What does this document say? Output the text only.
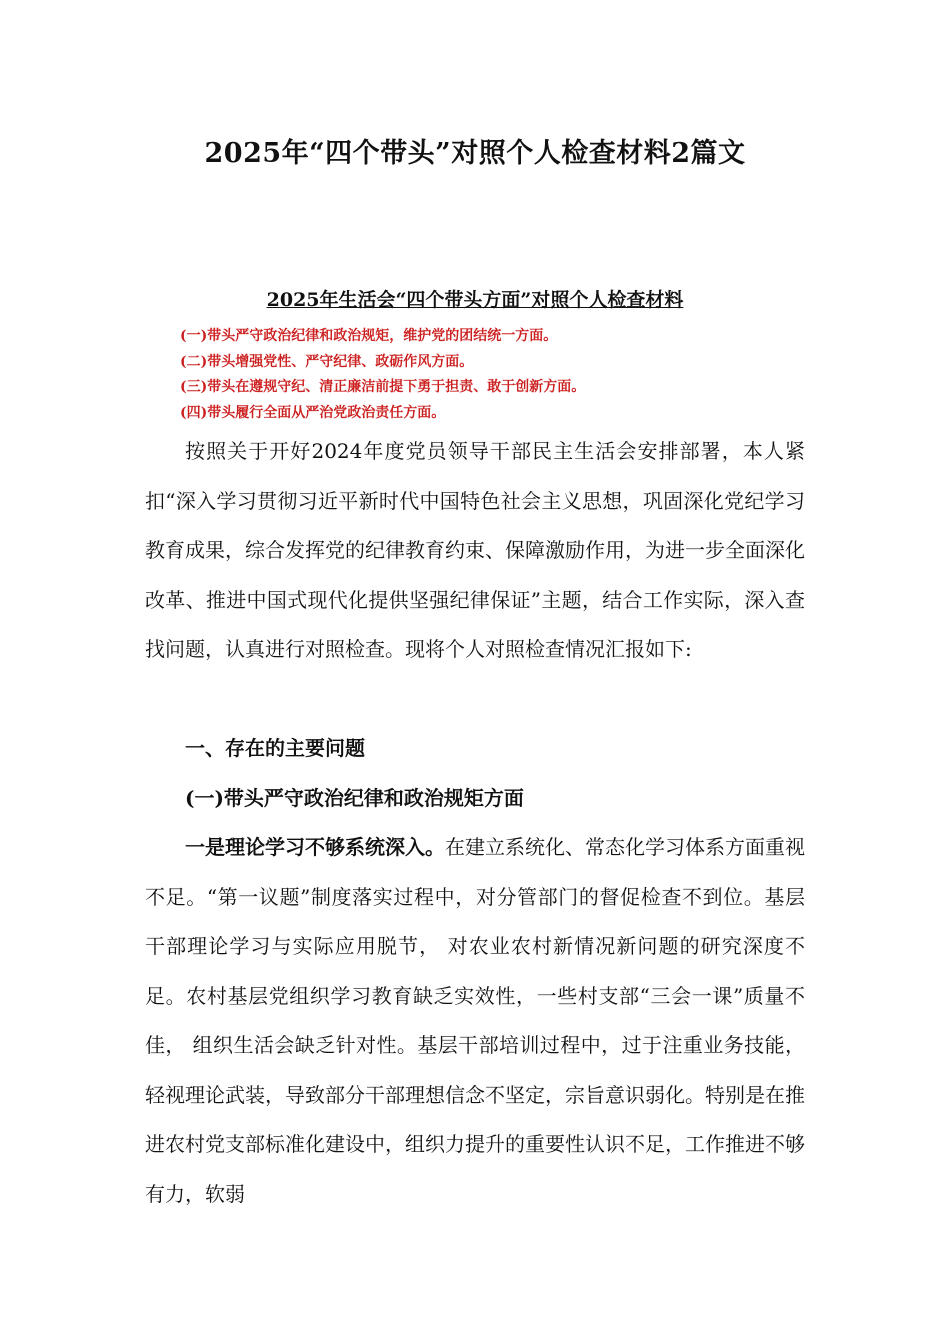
2025年“四个带头”对照个人检查材料2篇文
2025年生活会“四个带头方面”对照个人检查材料
(一)带头严守政治纪律和政治规矩，维护党的团结统一方面。
(二)带头增强党性、严守纪律、政砺作风方面。
(三)带头在遵规守纪、清正廉洁前提下勇于担责、敢于创新方面。
(四)带头履行全面从严治党政治责任方面。

按照关于开好2024年度党员领导干部民主生活会安排部署，本人紧扣“深入学习贯彻习近平新时代中国特色社会主义思想，巩固深化党纪学习教育成果，综合发挥党的纪律教育约束、保障激励作用，为进一步全面深化改革、推进中国式现代化提供坚强纪律保证”主题，结合工作实际，深入查找问题，认真进行对照检查。现将个人对照检查情况汇报如下:

一、存在的主要问题
(一)带头严守政治纪律和政治规矩方面

一是理论学习不够系统深入。在建立系统化、常态化学习体系方面重视不足。“第一议题”制度落实过程中，对分管部门的督促检查不到位。基层干部理论学习与实际应用脱节， 对农业农村新情况新问题的研究深度不足。农村基层党组织学习教育缺乏实效性，一些村支部“三会一课”质量不佳， 组织生活会缺乏针对性。基层干部培训过程中，过于注重业务技能，轻视理论武装，导致部分干部理想信念不坚定，宗旨意识弱化。特别是在推进农村党支部标准化建设中，组织力提升的重要性认识不足，工作推进不够有力，软弱
